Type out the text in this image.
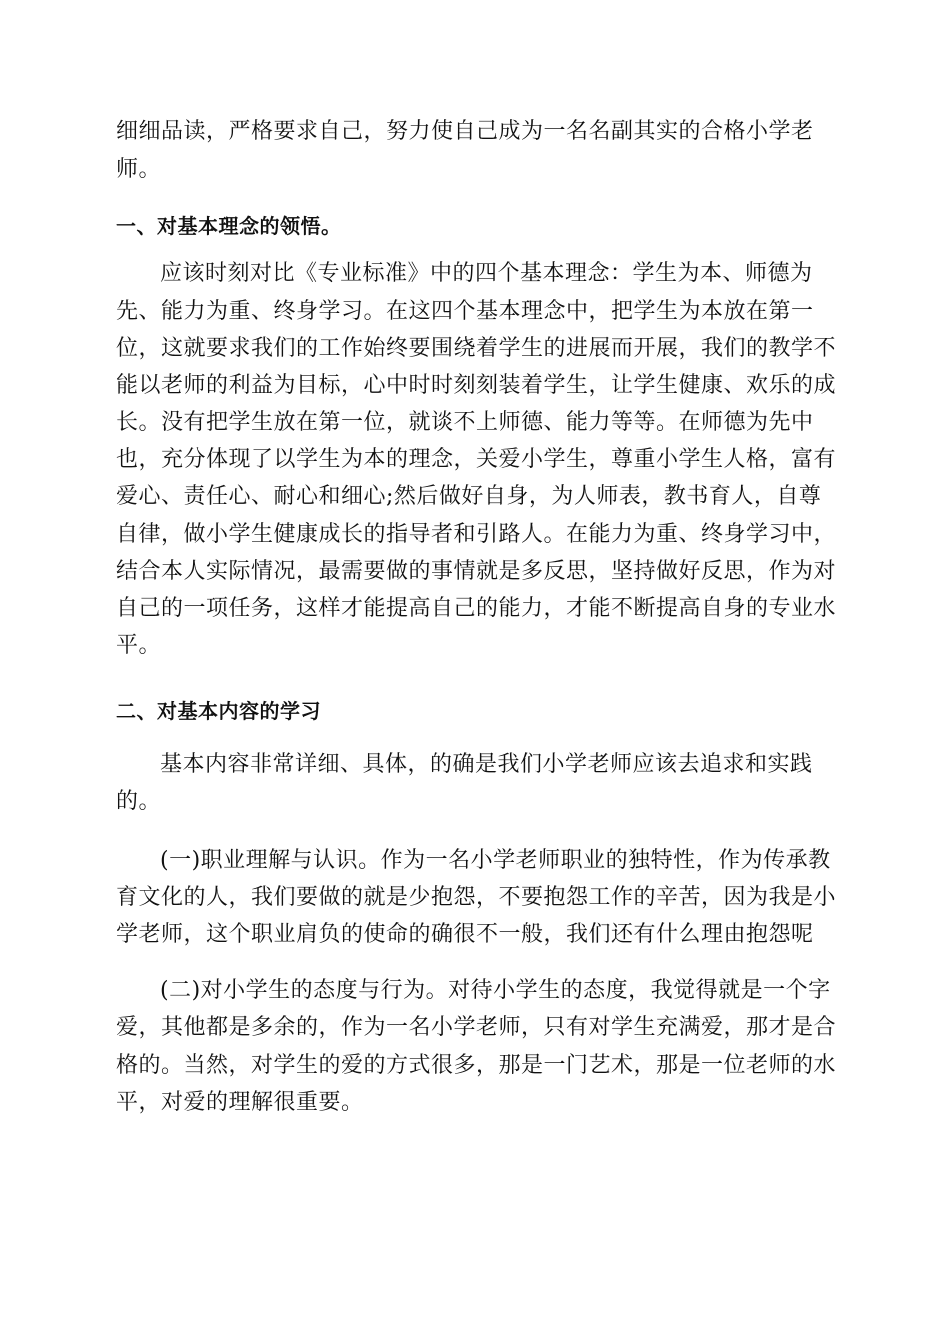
细细品读，严格要求自己，努力使自己成为一名名副其实的合格小学老
师。
一、对基本理念的领悟。
应该时刻对比《专业标准》中的四个基本理念：学生为本、师德为
先、能力为重、终身学习。在这四个基本理念中，把学生为本放在第一
位，这就要求我们的工作始终要围绕着学生的进展而开展，我们的教学不
能以老师的利益为目标，心中时时刻刻装着学生，让学生健康、欢乐的成
长。没有把学生放在第一位，就谈不上师德、能力等等。在师德为先中
也，充分体现了以学生为本的理念，关爱小学生，尊重小学生人格，富有
爱心、责任心、耐心和细心;然后做好自身，为人师表，教书育人，自尊
自律，做小学生健康成长的指导者和引路人。在能力为重、终身学习中，
结合本人实际情况，最需要做的事情就是多反思，坚持做好反思，作为对
自己的一项任务，这样才能提高自己的能力，才能不断提高自身的专业水
平。
二、对基本内容的学习
基本内容非常详细、具体，的确是我们小学老师应该去追求和实践
的。
(一)职业理解与认识。作为一名小学老师职业的独特性，作为传承教
育文化的人，我们要做的就是少抱怨，不要抱怨工作的辛苦，因为我是小
学老师，这个职业肩负的使命的确很不一般，我们还有什么理由抱怨呢
(二)对小学生的态度与行为。对待小学生的态度，我觉得就是一个字
爱，其他都是多余的，作为一名小学老师，只有对学生充满爱，那才是合
格的。当然，对学生的爱的方式很多，那是一门艺术，那是一位老师的水
平，对爱的理解很重要。
